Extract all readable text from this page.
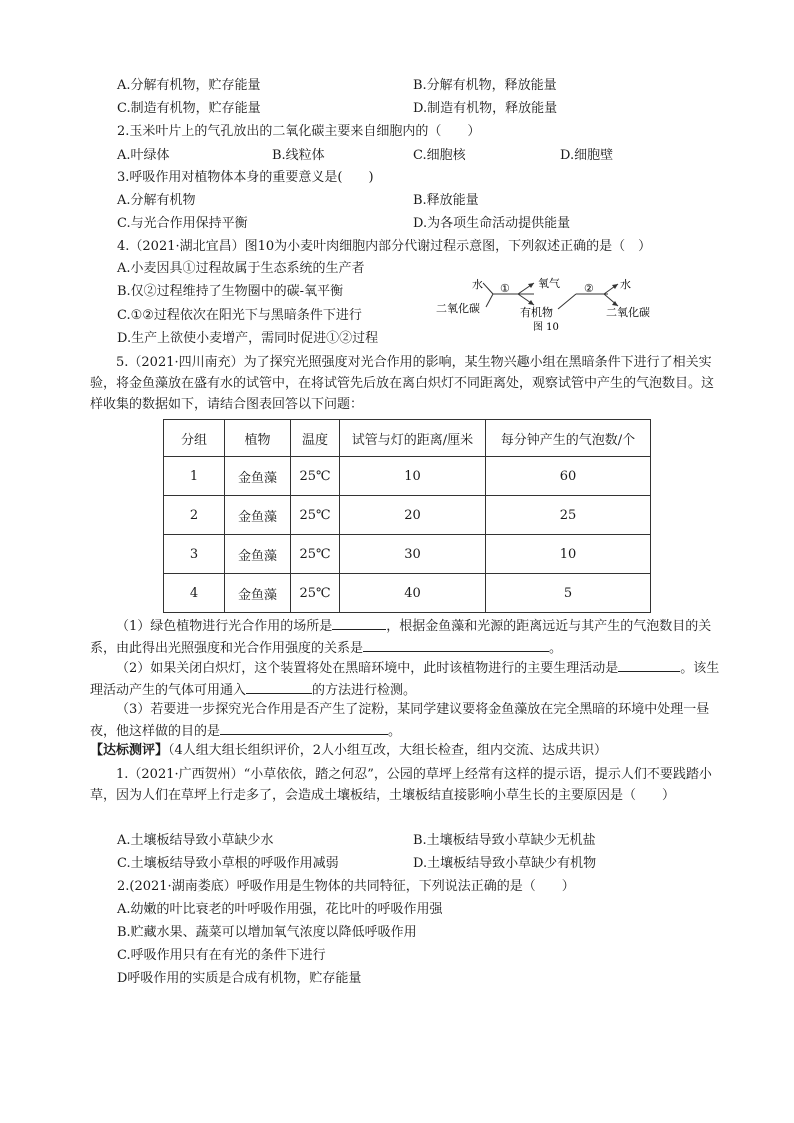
A.分解有机物，贮存能量	B.分解有机物，释放能量
C.制造有机物，贮存能量	D.制造有机物，释放能量
2.玉米叶片上的气孔放出的二氧化碳主要来自细胞内的（　　）
A.叶绿体	B.线粒体	C.细胞核	D.细胞壁
3.呼吸作用对植物体本身的重要意义是(　　)
A.分解有机物	B.释放能量
C.与光合作用保持平衡	D.为各项生命活动提供能量
4.（2021·湖北宜昌）图10为小麦叶肉细胞内部分代谢过程示意图，下列叙述正确的是（　）
A.小麦因具①过程故属于生态系统的生产者
B.仅②过程维持了生物圈中的碳-氧平衡
C.①②过程依次在阳光下与黑暗条件下进行
D.生产上欲使小麦增产，需同时促进①②过程
水
二氧化碳
①	氧气
有机物
② 水
二氧化碳
图 10
5.（2021·四川南充）为了探究光照强度对光合作用的影响，某生物兴趣小组在黑暗条件下进行了相关实验，将金鱼藻放在盛有水的试管中，在将试管先后放在离白炽灯不同距离处，观察试管中产生的气泡数目。这样收集的数据如下，请结合图表回答以下问题：
分组	植物	温度	试管与灯的距离/厘米	每分钟产生的气泡数/个
1	金鱼藻	25℃	10	60
2	金鱼藻	25℃	20	25
3	金鱼藻	25℃	30	10
4	金鱼藻	25℃	40	5
（1）绿色植物进行光合作用的场所是	，根据金鱼藻和光源的距离远近与其产生的气泡数目的关系，由此得出光照强度和光合作用强度的关系是	。
（2）如果关闭白炽灯，这个装置将处在黑暗环境中，此时该植物进行的主要生理活动是	。该生理活动产生的气体可用通入	的方法进行检测。
（3）若要进一步探究光合作用是否产生了淀粉，某同学建议要将金鱼藻放在完全黑暗的环境中处理一昼夜，他这样做的目的是	。
【达标测评】（4人组大组长组织评价，2人小组互改，大组长检查，组内交流、达成共识）
1.（2021·广西贺州）“小草依依，踏之何忍”，公园的草坪上经常有这样的提示语，提示人们不要践踏小草，因为人们在草坪上行走多了，会造成土壤板结，土壤板结直接影响小草生长的主要原因是（　　）
A.土壤板结导致小草缺少水	B.土壤板结导致小草缺少无机盐
C.土壤板结导致小草根的呼吸作用减弱	D.土壤板结导致小草缺少有机物
2.(2021·湖南娄底）呼吸作用是生物体的共同特征，下列说法正确的是（　　）
A.幼嫩的叶比衰老的叶呼吸作用强，花比叶的呼吸作用强
B.贮藏水果、蔬菜可以增加氧气浓度以降低呼吸作用
C.呼吸作用只有在有光的条件下进行
D呼吸作用的实质是合成有机物，贮存能量
